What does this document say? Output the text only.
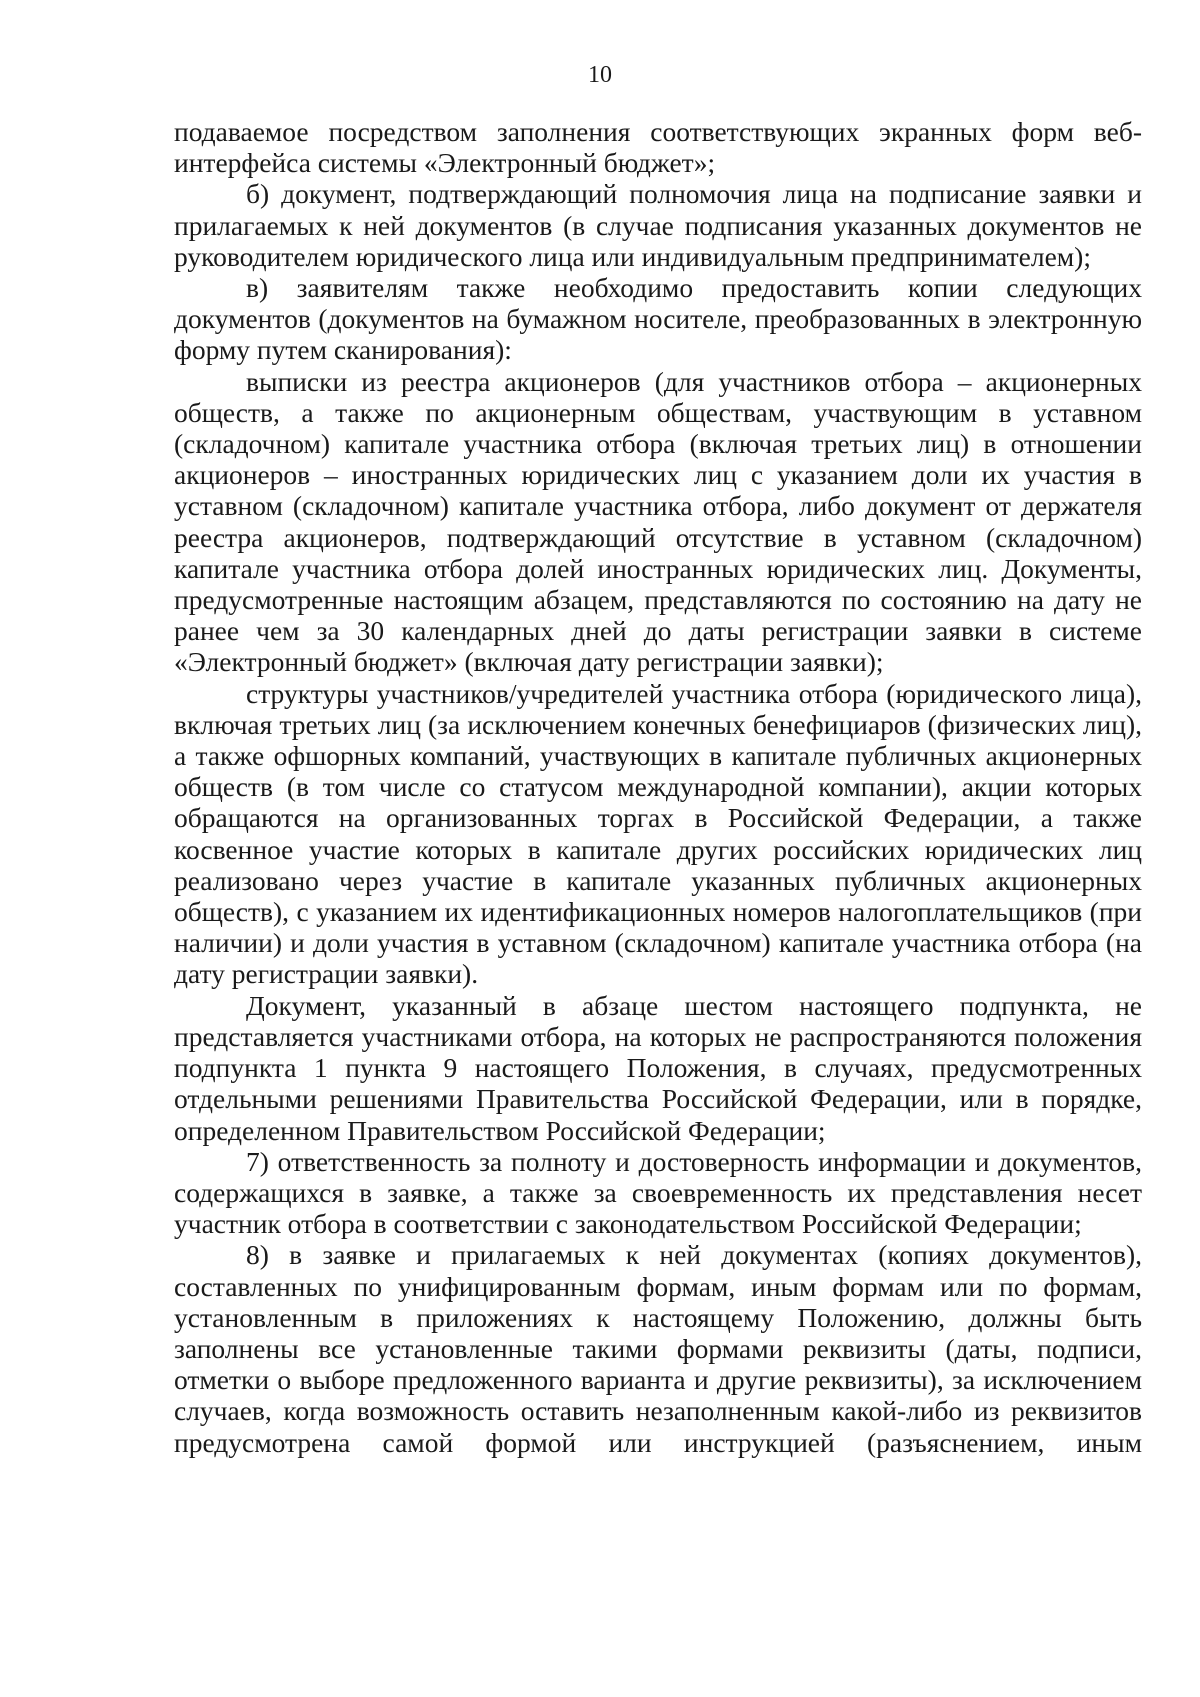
10

подаваемое посредством заполнения соответствующих экранных форм веб-интерфейса системы «Электронный бюджет»;

б) документ, подтверждающий полномочия лица на подписание заявки и прилагаемых к ней документов (в случае подписания указанных документов не руководителем юридического лица или индивидуальным предпринимателем);

в) заявителям также необходимо предоставить копии следующих документов (документов на бумажном носителе, преобразованных в электронную форму путем сканирования):

выписки из реестра акционеров (для участников отбора – акционерных обществ, а также по акционерным обществам, участвующим в уставном (складочном) капитале участника отбора (включая третьих лиц) в отношении акционеров – иностранных юридических лиц с указанием доли их участия в уставном (складочном) капитале участника отбора, либо документ от держателя реестра акционеров, подтверждающий отсутствие в уставном (складочном) капитале участника отбора долей иностранных юридических лиц. Документы, предусмотренные настоящим абзацем, представляются по состоянию на дату не ранее чем за 30 календарных дней до даты регистрации заявки в системе «Электронный бюджет» (включая дату регистрации заявки);

структуры участников/учредителей участника отбора (юридического лица), включая третьих лиц (за исключением конечных бенефициаров (физических лиц), а также офшорных компаний, участвующих в капитале публичных акционерных обществ (в том числе со статусом международной компании), акции которых обращаются на организованных торгах в Российской Федерации, а также косвенное участие которых в капитале других российских юридических лиц реализовано через участие в капитале указанных публичных акционерных обществ), с указанием их идентификационных номеров налогоплательщиков (при наличии) и доли участия в уставном (складочном) капитале участника отбора (на дату регистрации заявки).

Документ, указанный в абзаце шестом настоящего подпункта, не представляется участниками отбора, на которых не распространяются положения подпункта 1 пункта 9 настоящего Положения, в случаях, предусмотренных отдельными решениями Правительства Российской Федерации, или в порядке, определенном Правительством Российской Федерации;

7) ответственность за полноту и достоверность информации и документов, содержащихся в заявке, а также за своевременность их представления несет участник отбора в соответствии с законодательством Российской Федерации;

8) в заявке и прилагаемых к ней документах (копиях документов), составленных по унифицированным формам, иным формам или по формам, установленным в приложениях к настоящему Положению, должны быть заполнены все установленные такими формами реквизиты (даты, подписи, отметки о выборе предложенного варианта и другие реквизиты), за исключением случаев, когда возможность оставить незаполненным какой-либо из реквизитов предусмотрена самой формой или инструкцией (разъяснением, иным
